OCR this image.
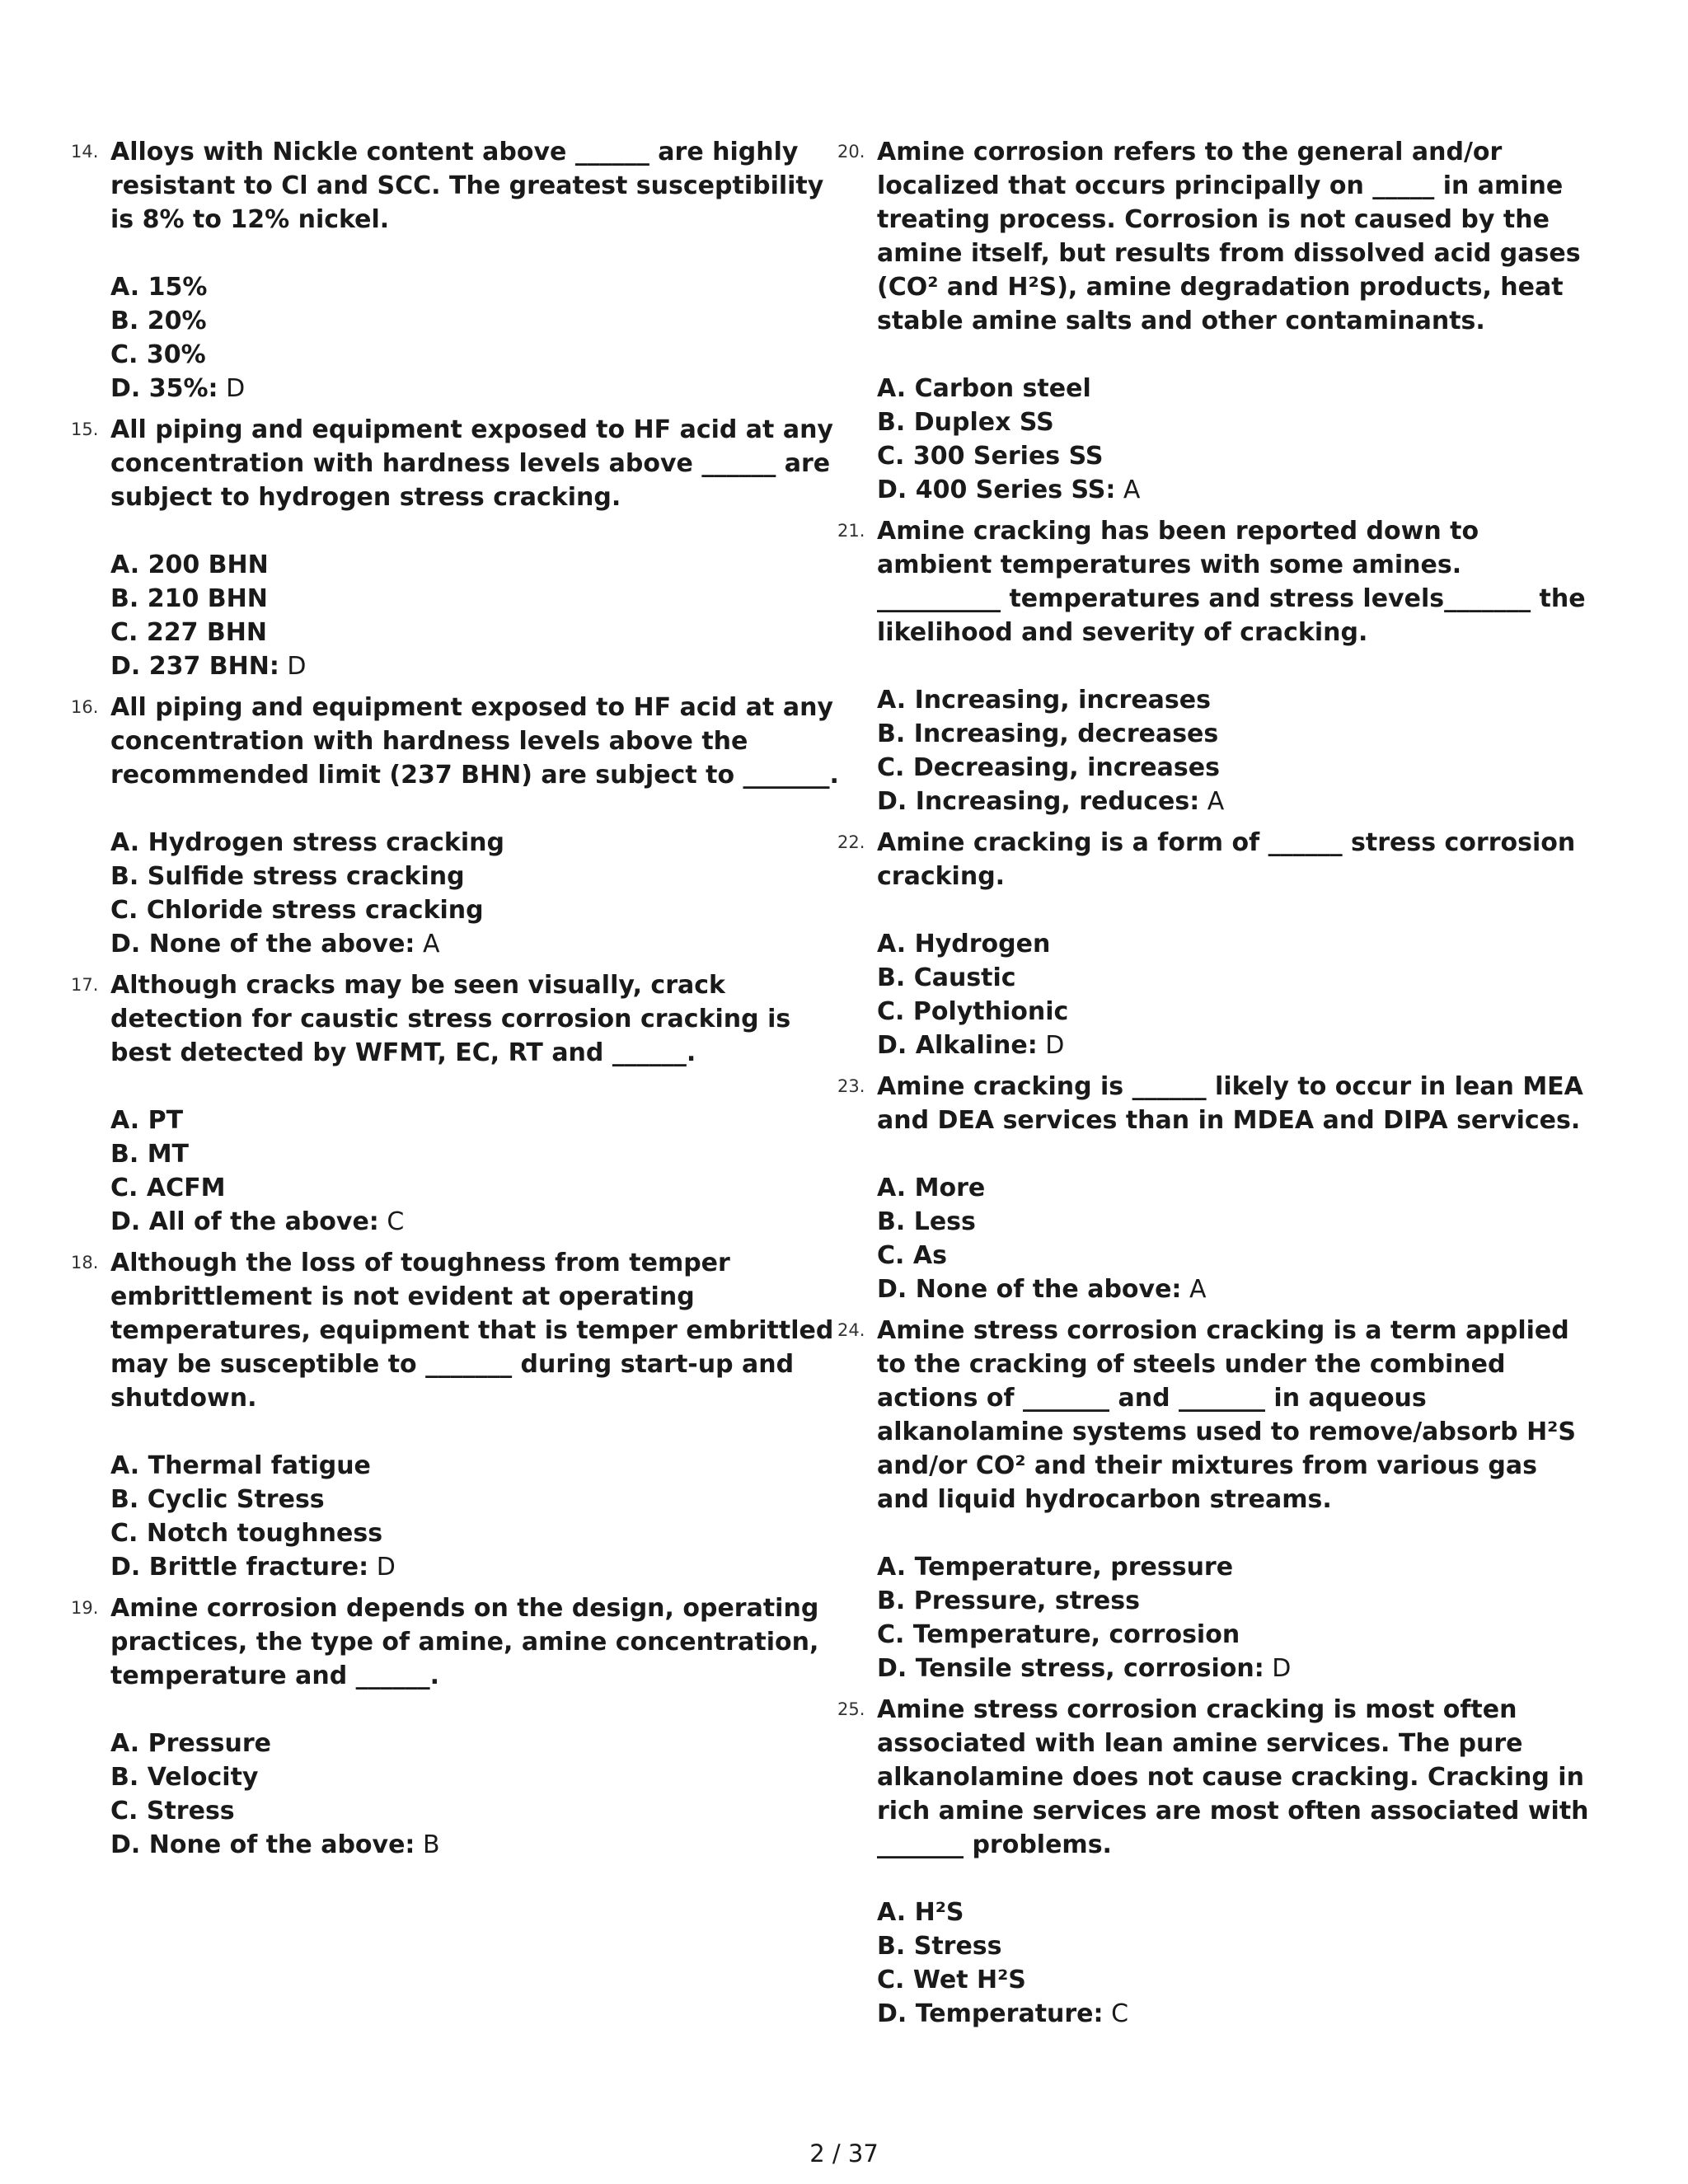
14. Alloys with Nickle content above ______ are highly resistant to Cl and SCC. The greatest susceptibility is 8% to 12% nickel.

A. 15%
B. 20%
C. 30%
D. 35%: D
15. All piping and equipment exposed to HF acid at any concentration with hardness levels above ______ are subject to hydrogen stress cracking.

A. 200 BHN
B. 210 BHN
C. 227 BHN
D. 237 BHN: D
16. All piping and equipment exposed to HF acid at any concentration with hardness levels above the recommended limit (237 BHN) are subject to _______.

A. Hydrogen stress cracking
B. Sulfide stress cracking
C. Chloride stress cracking
D. None of the above: A
17. Although cracks may be seen visually, crack detection for caustic stress corrosion cracking is best detected by WFMT, EC, RT and ______.

A. PT
B. MT
C. ACFM
D. All of the above: C
18. Although the loss of toughness from temper embrittlement is not evident at operating temperatures, equipment that is temper embrittled may be susceptible to _______ during start-up and shutdown.

A. Thermal fatigue
B. Cyclic Stress
C. Notch toughness
D. Brittle fracture: D
19. Amine corrosion depends on the design, operating practices, the type of amine, amine concentration, temperature and ______.

A. Pressure
B. Velocity
C. Stress
D. None of the above: B
20. Amine corrosion refers to the general and/or localized that occurs principally on _____ in amine treating process. Corrosion is not caused by the amine itself, but results from dissolved acid gases (CO² and H²S), amine degradation products, heat stable amine salts and other contaminants.

A. Carbon steel
B. Duplex SS
C. 300 Series SS
D. 400 Series SS: A
21. Amine cracking has been reported down to ambient temperatures with some amines. __________ temperatures and stress levels_______ the likelihood and severity of cracking.

A. Increasing, increases
B. Increasing, decreases
C. Decreasing, increases
D. Increasing, reduces: A
22. Amine cracking is a form of ______ stress corrosion cracking.

A. Hydrogen
B. Caustic
C. Polythionic
D. Alkaline: D
23. Amine cracking is ______ likely to occur in lean MEA and DEA services than in MDEA and DIPA services.

A. More
B. Less
C. As
D. None of the above: A
24. Amine stress corrosion cracking is a term applied to the cracking of steels under the combined actions of _______ and _______ in aqueous alkanolamine systems used to remove/absorb H²S and/or CO² and their mixtures from various gas and liquid hydrocarbon streams.

A. Temperature, pressure
B. Pressure, stress
C. Temperature, corrosion
D. Tensile stress, corrosion: D
25. Amine stress corrosion cracking is most often associated with lean amine services. The pure alkanolamine does not cause cracking. Cracking in rich amine services are most often associated with _______ problems.

A. H²S
B. Stress
C. Wet H²S
D. Temperature: C
2 / 37
